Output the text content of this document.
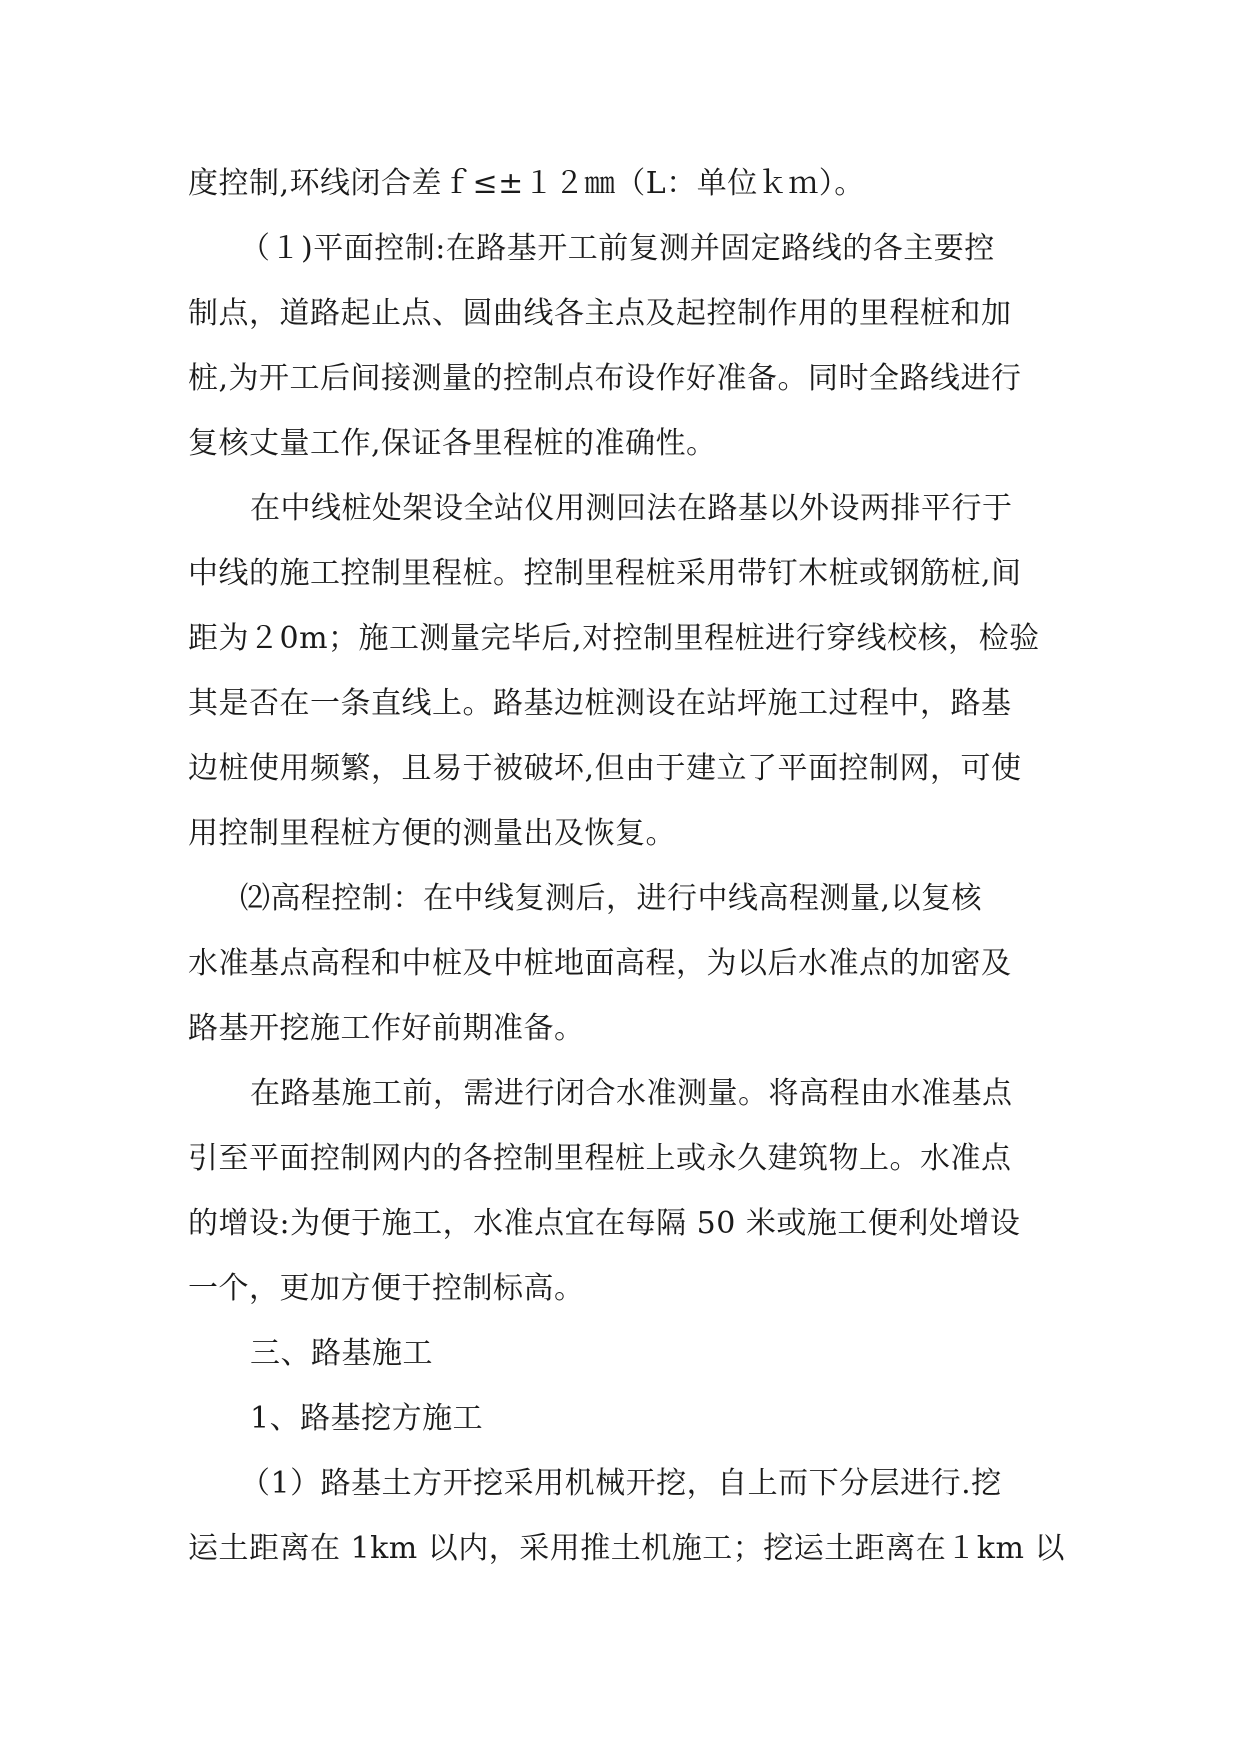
度控制,环线闭合差ｆ≤±１２㎜（L：单位ｋｍ）。
（１)平面控制:在路基开工前复测并固定路线的各主要控
制点，道路起止点、圆曲线各主点及起控制作用的里程桩和加
桩,为开工后间接测量的控制点布设作好准备。同时全路线进行
复核丈量工作,保证各里程桩的准确性。
在中线桩处架设全站仪用测回法在路基以外设两排平行于
中线的施工控制里程桩。控制里程桩采用带钉木桩或钢筋桩,间
距为２0m；施工测量完毕后,对控制里程桩进行穿线校核，检验
其是否在一条直线上。路基边桩测设在站坪施工过程中，路基
边桩使用频繁，且易于被破坏,但由于建立了平面控制网，可使
用控制里程桩方便的测量出及恢复。
⑵高程控制：在中线复测后，进行中线高程测量,以复核
水准基点高程和中桩及中桩地面高程，为以后水准点的加密及
路基开挖施工作好前期准备。
在路基施工前，需进行闭合水准测量。将高程由水准基点
引至平面控制网内的各控制里程桩上或永久建筑物上。水准点
的增设:为便于施工，水准点宜在每隔 50 米或施工便利处增设
一个，更加方便于控制标高。
三、路基施工
1、路基挖方施工
（1）路基土方开挖采用机械开挖，自上而下分层进行.挖
运土距离在 1km 以内，采用推土机施工；挖运土距离在１km 以
